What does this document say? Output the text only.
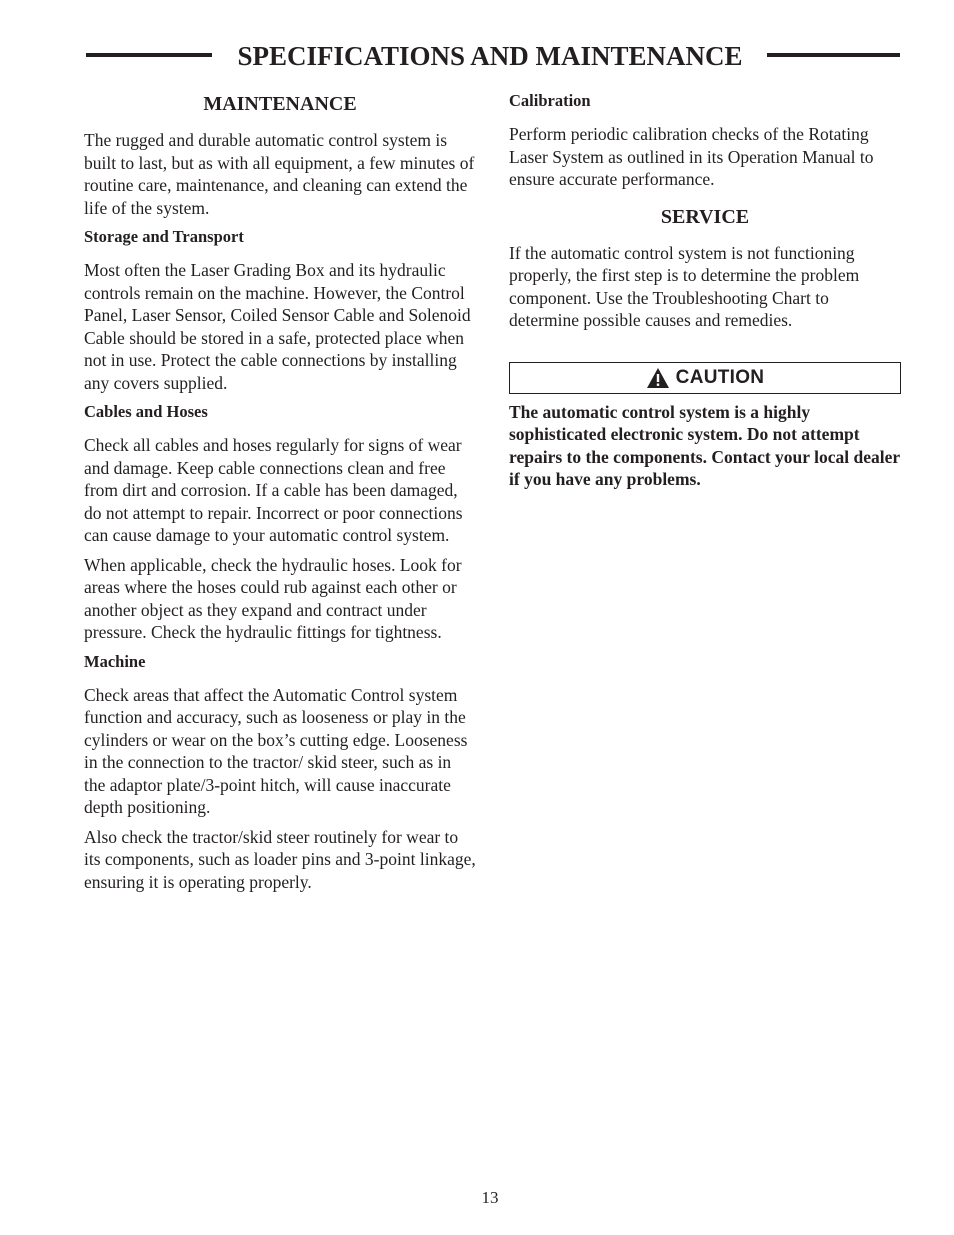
SPECIFICATIONS AND MAINTENANCE
MAINTENANCE

The rugged and durable automatic control system is built to last, but as with all equipment, a few minutes of routine care, maintenance, and cleaning can extend the life of the system.

Storage and Transport

Most often the Laser Grading Box and its hydraulic controls remain on the machine. However, the Control Panel, Laser Sensor, Coiled Sensor Cable and Solenoid Cable should be stored in a safe, protected place when not in use. Protect the cable connections by installing any covers supplied.

Cables and Hoses

Check all cables and hoses regularly for signs of wear and damage. Keep cable connections clean and free from dirt and corrosion. If a cable has been damaged, do not attempt to repair. Incorrect or poor connections can cause damage to your automatic control system.

When applicable, check the hydraulic hoses. Look for areas where the hoses could rub against each other or another object as they expand and contract under pressure. Check the hydraulic fittings for tightness.

Machine

Check areas that affect the Automatic Control system function and accuracy, such as looseness or play in the cylinders or wear on the box’s cutting edge. Looseness in the connection to the tractor/ skid steer, such as in the adaptor plate/3-point hitch, will cause inaccurate depth positioning.

Also check the tractor/skid steer routinely for wear to its components, such as loader pins and 3-point linkage, ensuring it is operating properly.

Calibration

Perform periodic calibration checks of the Rotating Laser System as outlined in its Operation Manual to ensure accurate performance.

SERVICE

If the automatic control system is not functioning properly, the first step is to determine the problem component. Use the Troubleshooting Chart to determine possible causes and remedies.

CAUTION

The automatic control system is a highly sophisticated electronic system. Do not attempt repairs to the components. Contact your local dealer if you have any problems.

13
